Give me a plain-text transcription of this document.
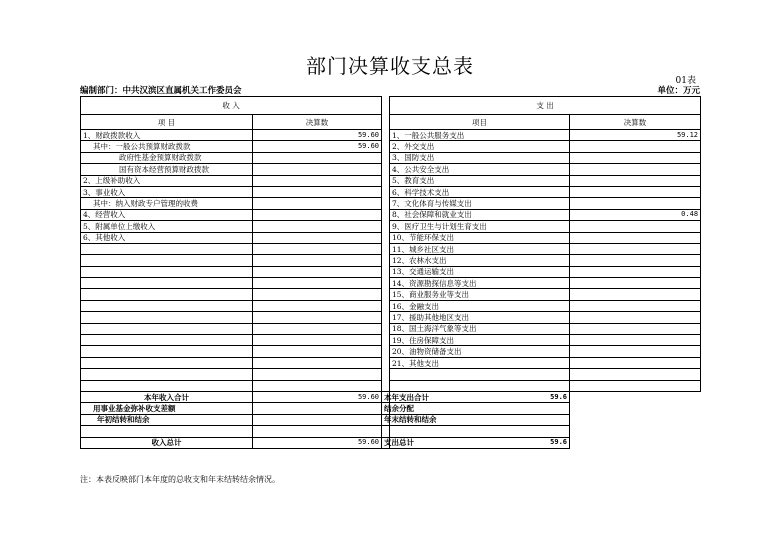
部门决算收支总表
01表
编制部门：中共汉滨区直属机关工作委员会	单位：万元
收 入			支 出	
项 目	决算数		项目	决算数
1、财政拨款收入	59.60		1、一般公共服务支出	59.12
其中：一般公共预算财政拨款	59.60		2、外交支出	
政府性基金预算财政拨款			3、国防支出	
国有资本经营预算财政拨款			4、公共安全支出	
2、上级补助收入			5、教育支出	
3、事业收入			6、科学技术支出	
其中：纳入财政专户管理的收费			7、文化体育与传媒支出	
4、经营收入			8、社会保障和就业支出	0.48
5、附属单位上缴收入			9、医疗卫生与计划生育支出	
6、其他收入			10、节能环保支出	
			11、城乡社区支出	
			12、农林水支出	
			13、交通运输支出	
			14、资源勘探信息等支出	
			15、商业服务业等支出	
			16、金融支出	
			17、援助其他地区支出	
			18、国土海洋气象等支出	
			19、住房保障支出	
			20、油物资储备支出	
			21、其他支出	

本年收入合计	59.60	本年支出合计	59.6	
用事业基金弥补收支差额		结余分配		
年初结转和结余		年末结转和结余		

收入总计	59.60	支出总计	59.6	
注：本表反映部门本年度的总收支和年末结转结余情况。
